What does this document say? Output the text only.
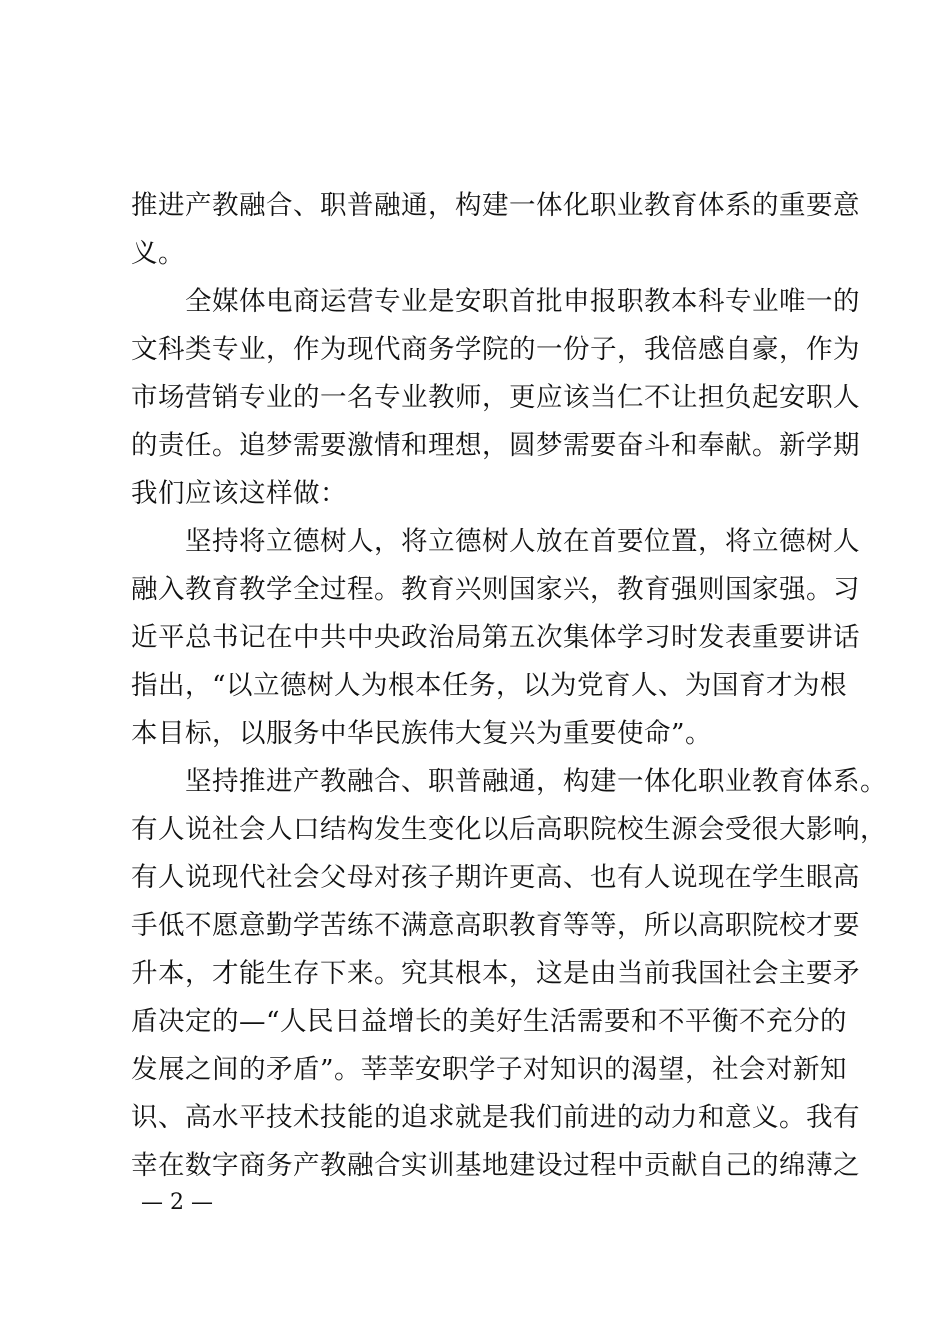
推进产教融合、职普融通，构建一体化职业教育体系的重要意
义。
　　全媒体电商运营专业是安职首批申报职教本科专业唯一的
文科类专业，作为现代商务学院的一份子，我倍感自豪，作为
市场营销专业的一名专业教师，更应该当仁不让担负起安职人
的责任。追梦需要激情和理想，圆梦需要奋斗和奉献。新学期
我们应该这样做：
　　坚持将立德树人，将立德树人放在首要位置，将立德树人
融入教育教学全过程。教育兴则国家兴，教育强则国家强。习
近平总书记在中共中央政治局第五次集体学习时发表重要讲话
指出，“以立德树人为根本任务，以为党育人、为国育才为根
本目标，以服务中华民族伟大复兴为重要使命”。
　　坚持推进产教融合、职普融通，构建一体化职业教育体系。
有人说社会人口结构发生变化以后高职院校生源会受很大影响，
有人说现代社会父母对孩子期许更高、也有人说现在学生眼高
手低不愿意勤学苦练不满意高职教育等等，所以高职院校才要
升本，才能生存下来。究其根本，这是由当前我国社会主要矛
盾决定的—“人民日益增长的美好生活需要和不平衡不充分的
发展之间的矛盾”。莘莘安职学子对知识的渴望，社会对新知
识、高水平技术技能的追求就是我们前进的动力和意义。我有
幸在数字商务产教融合实训基地建设过程中贡献自己的绵薄之
— 2 —
